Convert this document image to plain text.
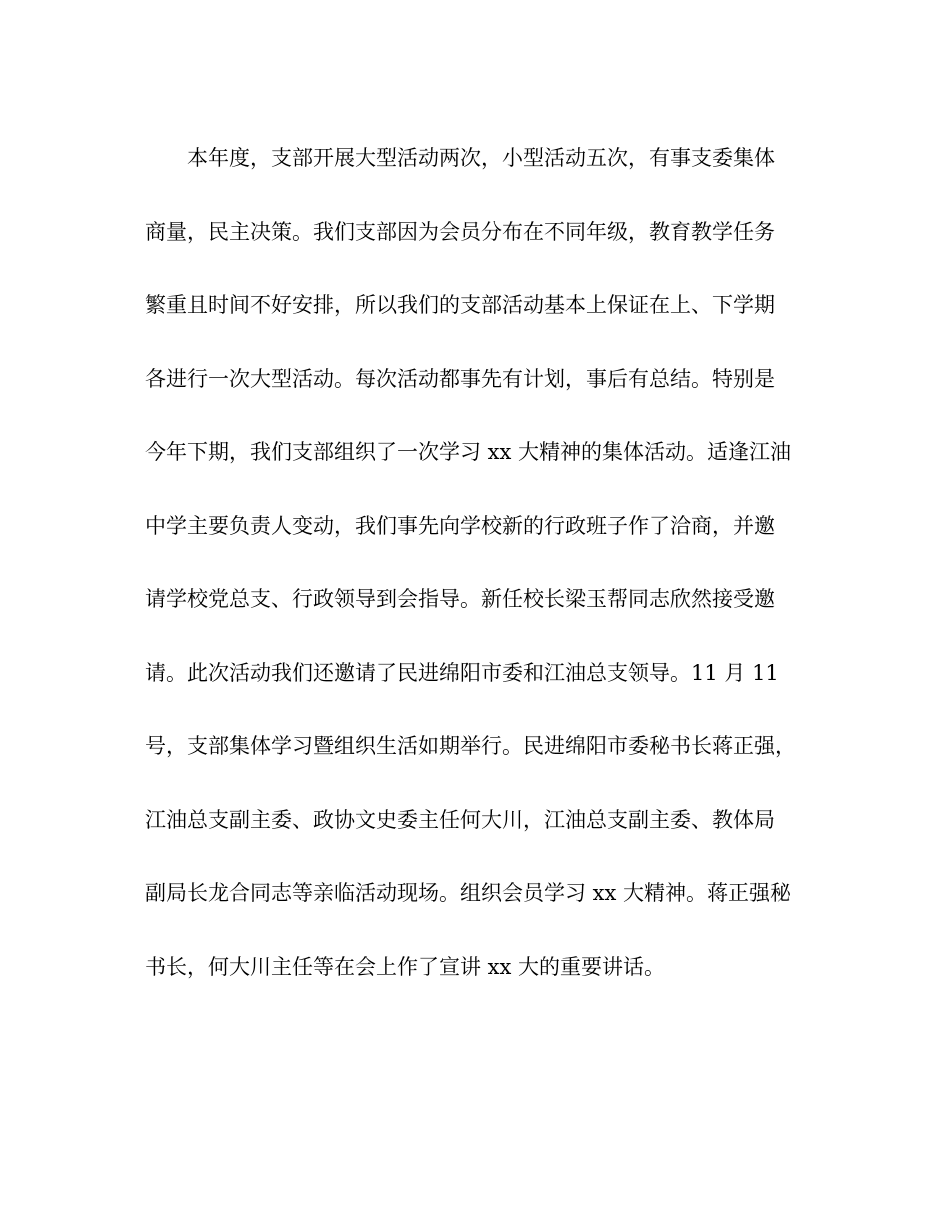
本年度，支部开展大型活动两次，小型活动五次，有事支委集体
商量，民主决策。我们支部因为会员分布在不同年级，教育教学任务
繁重且时间不好安排，所以我们的支部活动基本上保证在上、下学期
各进行一次大型活动。每次活动都事先有计划，事后有总结。特别是
今年下期，我们支部组织了一次学习 xx 大精神的集体活动。适逢江油
中学主要负责人变动，我们事先向学校新的行政班子作了洽商，并邀
请学校党总支、行政领导到会指导。新任校长梁玉帮同志欣然接受邀
请。此次活动我们还邀请了民进绵阳市委和江油总支领导。11 月 11
号，支部集体学习暨组织生活如期举行。民进绵阳市委秘书长蒋正强，
江油总支副主委、政协文史委主任何大川，江油总支副主委、教体局
副局长龙合同志等亲临活动现场。组织会员学习 xx 大精神。蒋正强秘
书长，何大川主任等在会上作了宣讲 xx 大的重要讲话。
